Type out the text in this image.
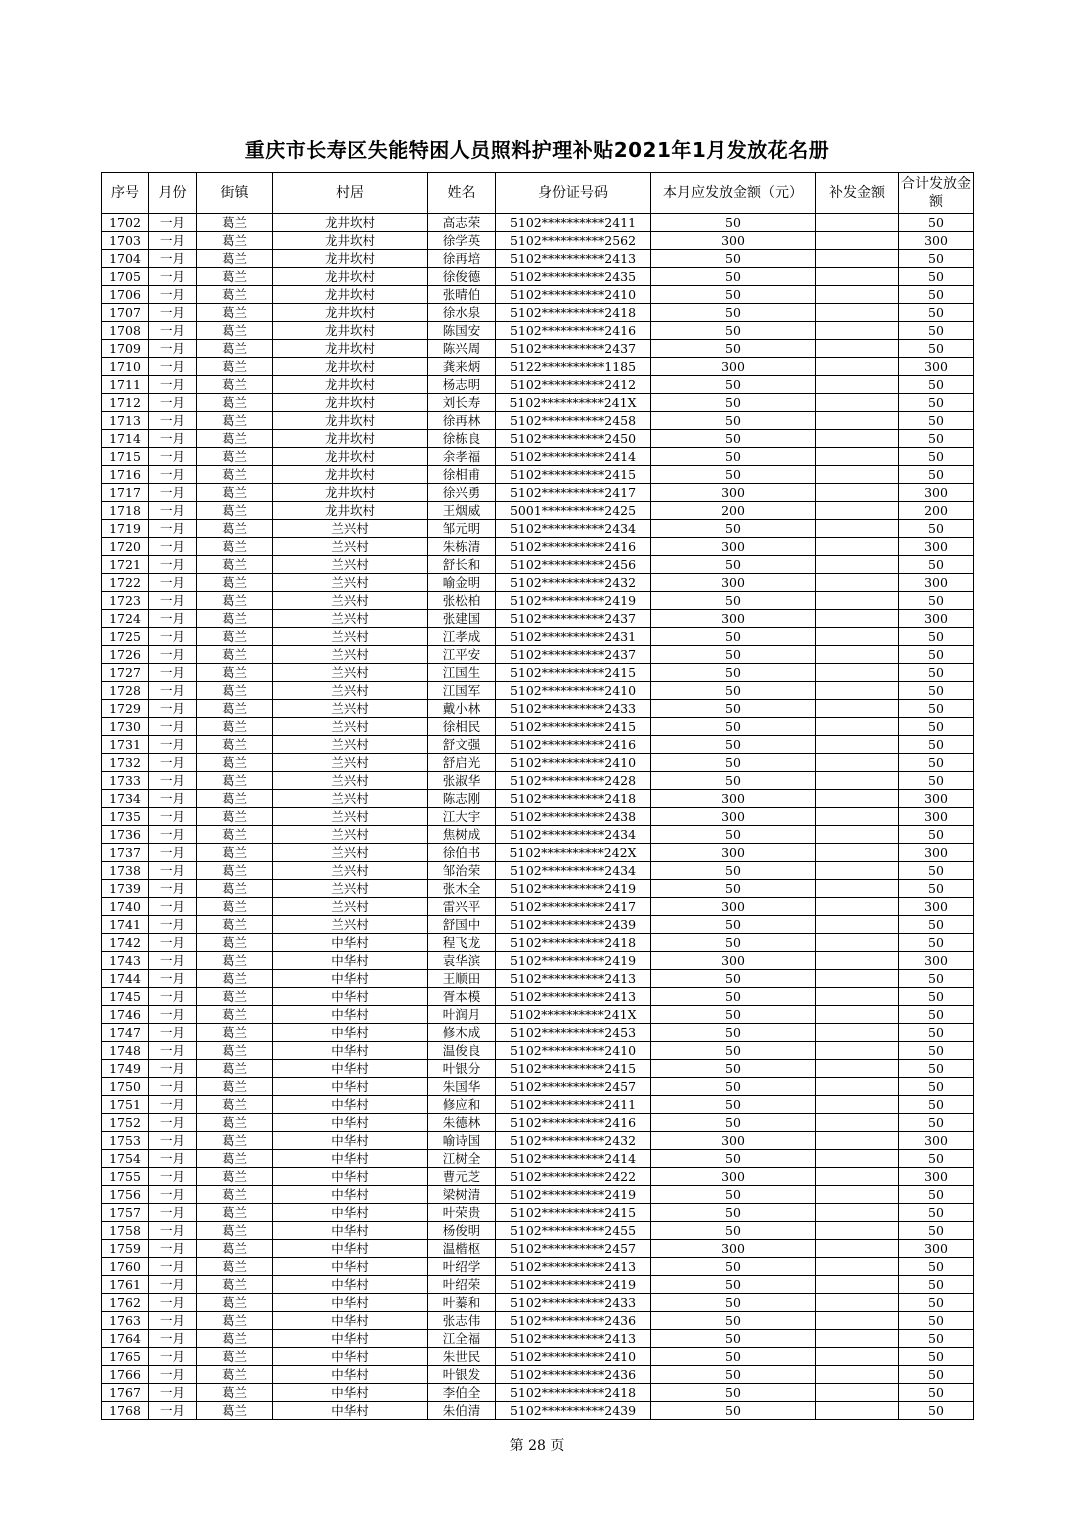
重庆市长寿区失能特困人员照料护理补贴2021年1月发放花名册
序号	月份	街镇	村居	姓名	身份证号码	本月应发放金额（元）	补发金额	合计发放金额
1702	一月	葛兰	龙井坎村	高志荣	5102**********2411	50		50
1703	一月	葛兰	龙井坎村	徐学英	5102**********2562	300		300
1704	一月	葛兰	龙井坎村	徐再培	5102**********2413	50		50
1705	一月	葛兰	龙井坎村	徐俊德	5102**********2435	50		50
1706	一月	葛兰	龙井坎村	张晴伯	5102**********2410	50		50
1707	一月	葛兰	龙井坎村	徐水泉	5102**********2418	50		50
1708	一月	葛兰	龙井坎村	陈国安	5102**********2416	50		50
1709	一月	葛兰	龙井坎村	陈兴周	5102**********2437	50		50
1710	一月	葛兰	龙井坎村	龚来炳	5122**********1185	300		300
1711	一月	葛兰	龙井坎村	杨志明	5102**********2412	50		50
1712	一月	葛兰	龙井坎村	刘长寿	5102**********241X	50		50
1713	一月	葛兰	龙井坎村	徐再林	5102**********2458	50		50
1714	一月	葛兰	龙井坎村	徐栋良	5102**********2450	50		50
1715	一月	葛兰	龙井坎村	余孝福	5102**********2414	50		50
1716	一月	葛兰	龙井坎村	徐相甫	5102**********2415	50		50
1717	一月	葛兰	龙井坎村	徐兴勇	5102**********2417	300		300
1718	一月	葛兰	龙井坎村	王烟威	5001**********2425	200		200
1719	一月	葛兰	兰兴村	邹元明	5102**********2434	50		50
1720	一月	葛兰	兰兴村	朱栋清	5102**********2416	300		300
1721	一月	葛兰	兰兴村	舒长和	5102**********2456	50		50
1722	一月	葛兰	兰兴村	喻金明	5102**********2432	300		300
1723	一月	葛兰	兰兴村	张松柏	5102**********2419	50		50
1724	一月	葛兰	兰兴村	张建国	5102**********2437	300		300
1725	一月	葛兰	兰兴村	江孝成	5102**********2431	50		50
1726	一月	葛兰	兰兴村	江平安	5102**********2437	50		50
1727	一月	葛兰	兰兴村	江国生	5102**********2415	50		50
1728	一月	葛兰	兰兴村	江国军	5102**********2410	50		50
1729	一月	葛兰	兰兴村	戴小林	5102**********2433	50		50
1730	一月	葛兰	兰兴村	徐相民	5102**********2415	50		50
1731	一月	葛兰	兰兴村	舒文强	5102**********2416	50		50
1732	一月	葛兰	兰兴村	舒启光	5102**********2410	50		50
1733	一月	葛兰	兰兴村	张淑华	5102**********2428	50		50
1734	一月	葛兰	兰兴村	陈志刚	5102**********2418	300		300
1735	一月	葛兰	兰兴村	江大宇	5102**********2438	300		300
1736	一月	葛兰	兰兴村	焦树成	5102**********2434	50		50
1737	一月	葛兰	兰兴村	徐伯书	5102**********242X	300		300
1738	一月	葛兰	兰兴村	邹治荣	5102**********2434	50		50
1739	一月	葛兰	兰兴村	张木全	5102**********2419	50		50
1740	一月	葛兰	兰兴村	雷兴平	5102**********2417	300		300
1741	一月	葛兰	兰兴村	舒国中	5102**********2439	50		50
1742	一月	葛兰	中华村	程飞龙	5102**********2418	50		50
1743	一月	葛兰	中华村	袁华滨	5102**********2419	300		300
1744	一月	葛兰	中华村	王顺田	5102**********2413	50		50
1745	一月	葛兰	中华村	胥本模	5102**********2413	50		50
1746	一月	葛兰	中华村	叶润月	5102**********241X	50		50
1747	一月	葛兰	中华村	修木成	5102**********2453	50		50
1748	一月	葛兰	中华村	温俊良	5102**********2410	50		50
1749	一月	葛兰	中华村	叶银分	5102**********2415	50		50
1750	一月	葛兰	中华村	朱国华	5102**********2457	50		50
1751	一月	葛兰	中华村	修应和	5102**********2411	50		50
1752	一月	葛兰	中华村	朱德林	5102**********2416	50		50
1753	一月	葛兰	中华村	喻诗国	5102**********2432	300		300
1754	一月	葛兰	中华村	江树全	5102**********2414	50		50
1755	一月	葛兰	中华村	曹元芝	5102**********2422	300		300
1756	一月	葛兰	中华村	梁树清	5102**********2419	50		50
1757	一月	葛兰	中华村	叶荣贵	5102**********2415	50		50
1758	一月	葛兰	中华村	杨俊明	5102**********2455	50		50
1759	一月	葛兰	中华村	温楷枢	5102**********2457	300		300
1760	一月	葛兰	中华村	叶绍学	5102**********2413	50		50
1761	一月	葛兰	中华村	叶绍荣	5102**********2419	50		50
1762	一月	葛兰	中华村	叶蓁和	5102**********2433	50		50
1763	一月	葛兰	中华村	张志伟	5102**********2436	50		50
1764	一月	葛兰	中华村	江全福	5102**********2413	50		50
1765	一月	葛兰	中华村	朱世民	5102**********2410	50		50
1766	一月	葛兰	中华村	叶银发	5102**********2436	50		50
1767	一月	葛兰	中华村	李伯全	5102**********2418	50		50
1768	一月	葛兰	中华村	朱伯清	5102**********2439	50		50
第 28 页
